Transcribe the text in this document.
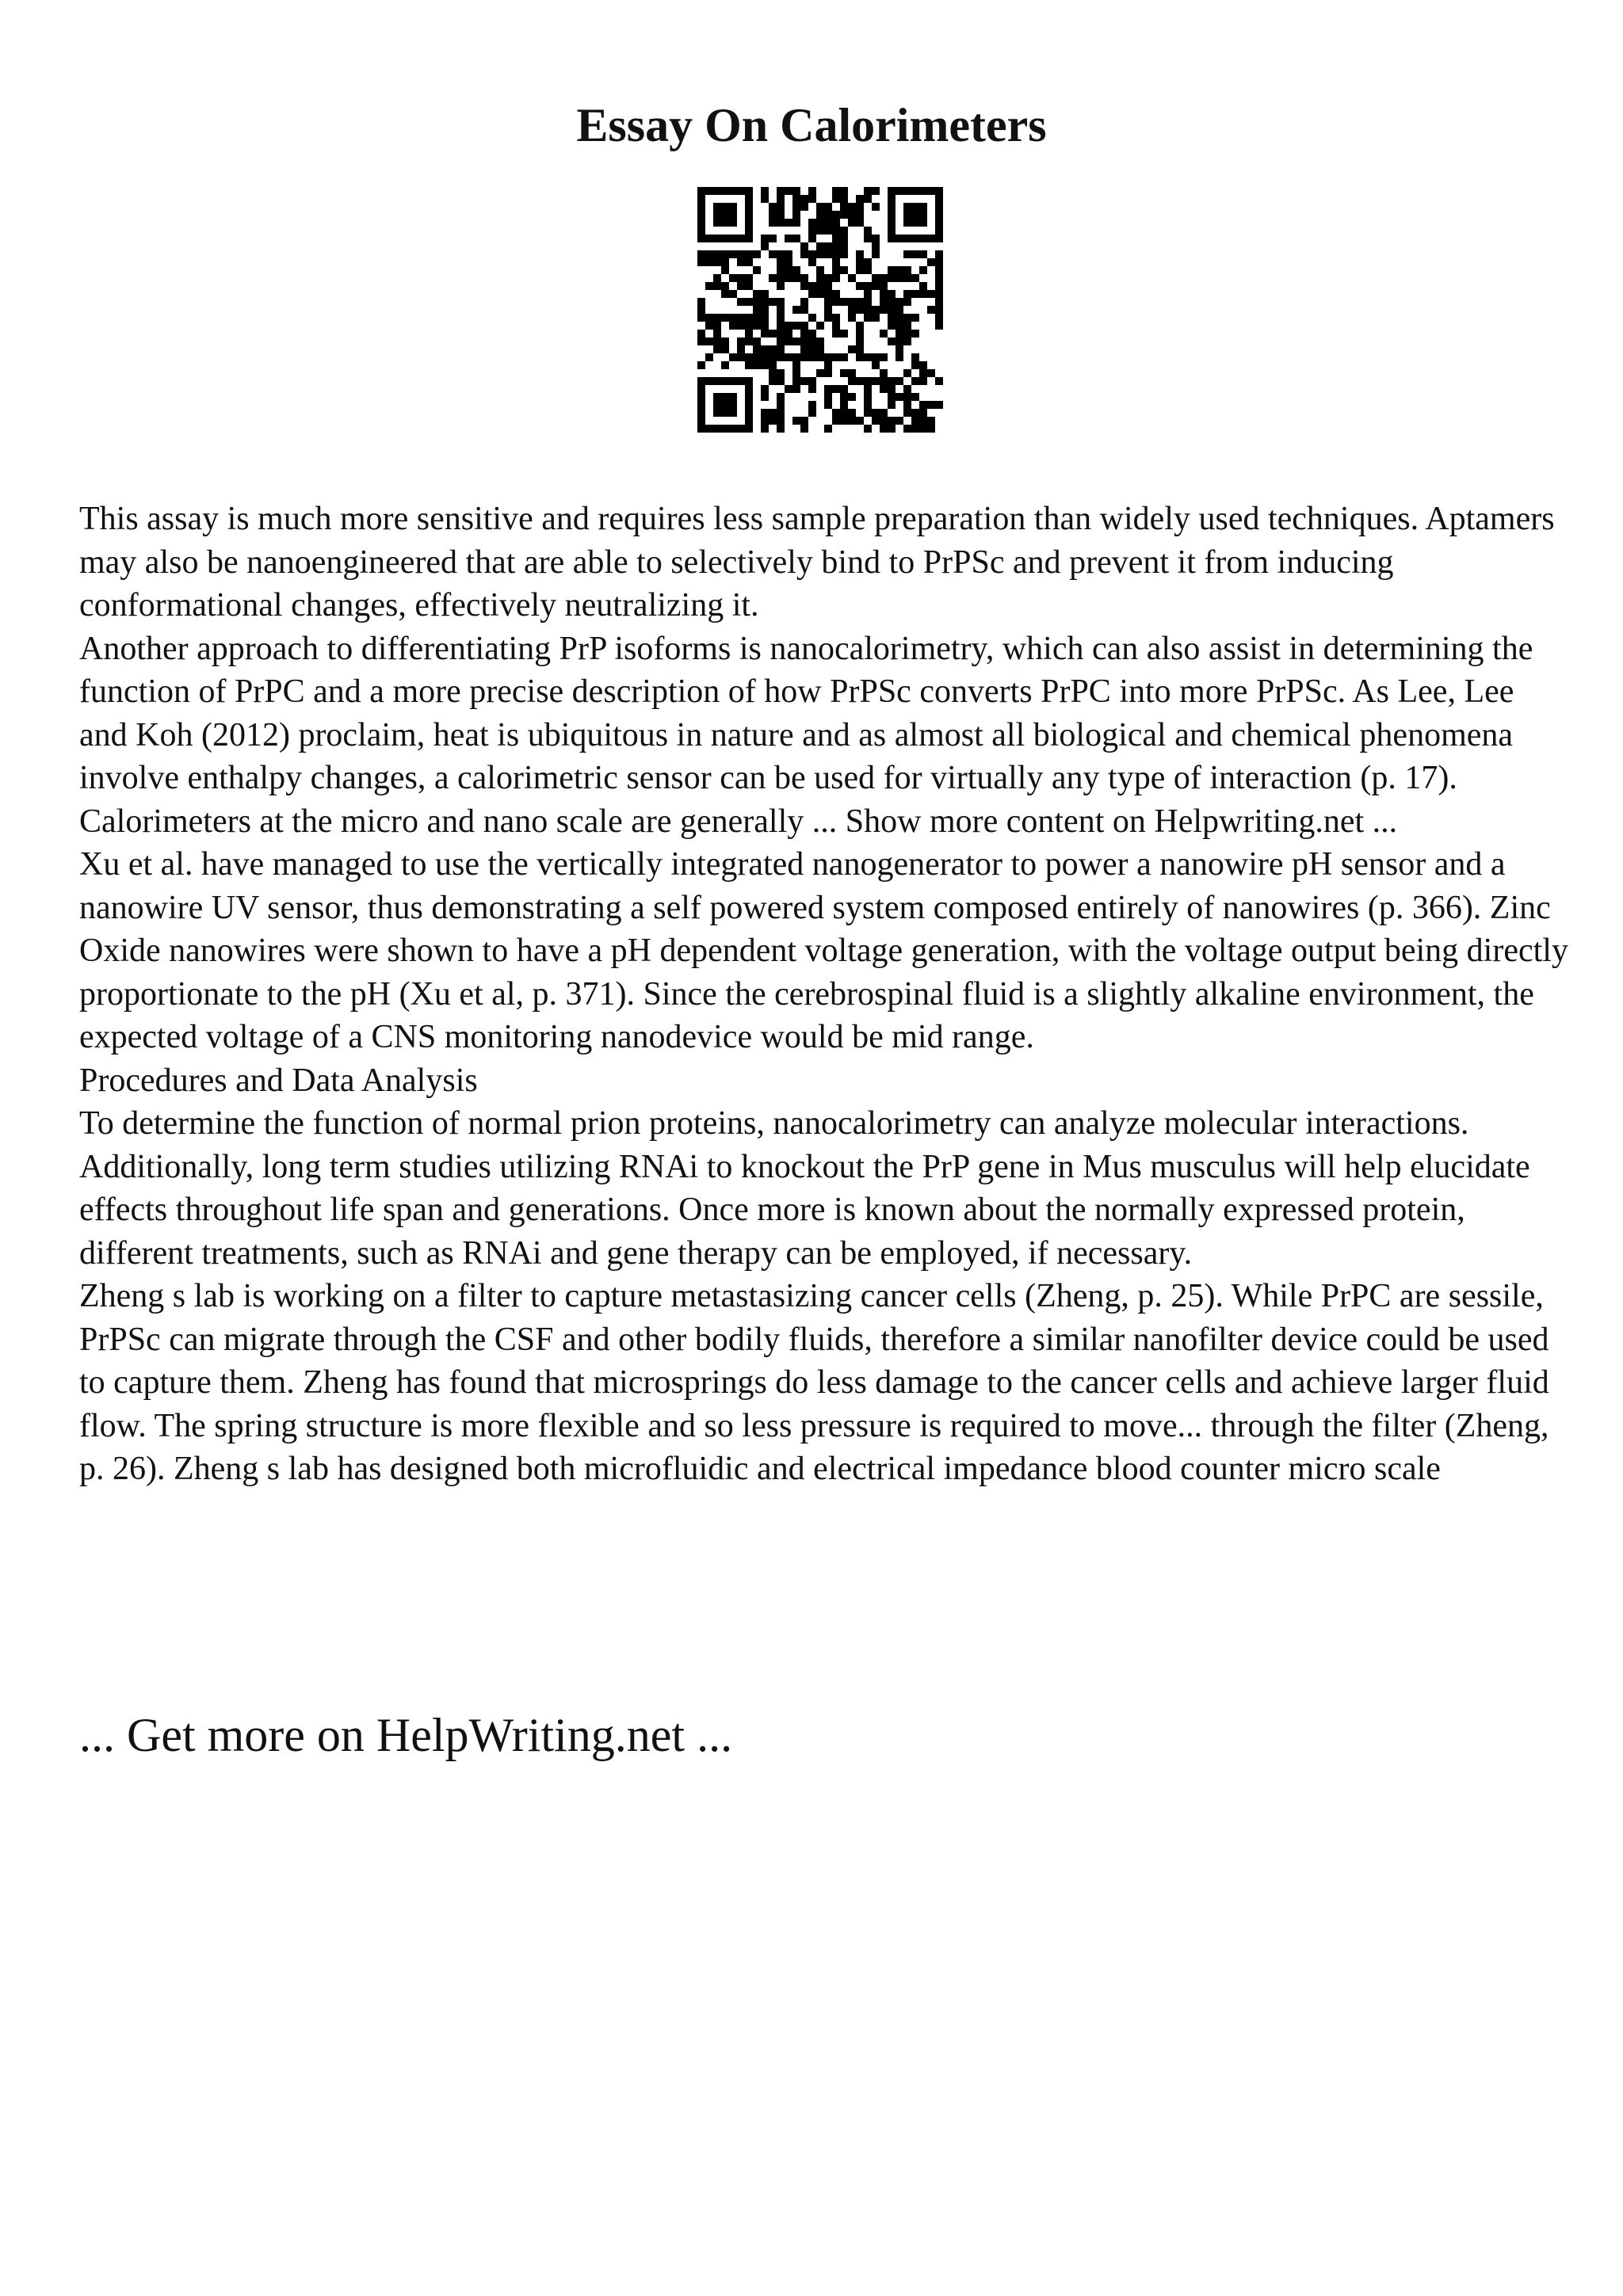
Essay On Calorimeters

This assay is much more sensitive and requires less sample preparation than widely used techniques. Aptamers may also be nanoengineered that are able to selectively bind to PrPSc and prevent it from inducing conformational changes, effectively neutralizing it.

Another approach to differentiating PrP isoforms is nanocalorimetry, which can also assist in determining the function of PrPC and a more precise description of how PrPSc converts PrPC into more PrPSc. As Lee, Lee and Koh (2012) proclaim, heat is ubiquitous in nature and as almost all biological and chemical phenomena involve enthalpy changes, a calorimetric sensor can be used for virtually any type of interaction (p. 17). Calorimeters at the micro and nano scale are generally ... Show more content on Helpwriting.net ...

Xu et al. have managed to use the vertically integrated nanogenerator to power a nanowire pH sensor and a nanowire UV sensor, thus demonstrating a self powered system composed entirely of nanowires (p. 366). Zinc Oxide nanowires were shown to have a pH dependent voltage generation, with the voltage output being directly proportionate to the pH (Xu et al, p. 371). Since the cerebrospinal fluid is a slightly alkaline environment, the expected voltage of a CNS monitoring nanodevice would be mid range.

Procedures and Data Analysis

To determine the function of normal prion proteins, nanocalorimetry can analyze molecular interactions. Additionally, long term studies utilizing RNAi to knockout the PrP gene in Mus musculus will help elucidate effects throughout life span and generations. Once more is known about the normally expressed protein, different treatments, such as RNAi and gene therapy can be employed, if necessary.

Zheng s lab is working on a filter to capture metastasizing cancer cells (Zheng, p. 25). While PrPC are sessile, PrPSc can migrate through the CSF and other bodily fluids, therefore a similar nanofilter device could be used to capture them. Zheng has found that microsprings do less damage to the cancer cells and achieve larger fluid flow. The spring structure is more flexible and so less pressure is required to move... through the filter (Zheng, p. 26). Zheng s lab has designed both microfluidic and electrical impedance blood counter micro scale

... Get more on HelpWriting.net ...
